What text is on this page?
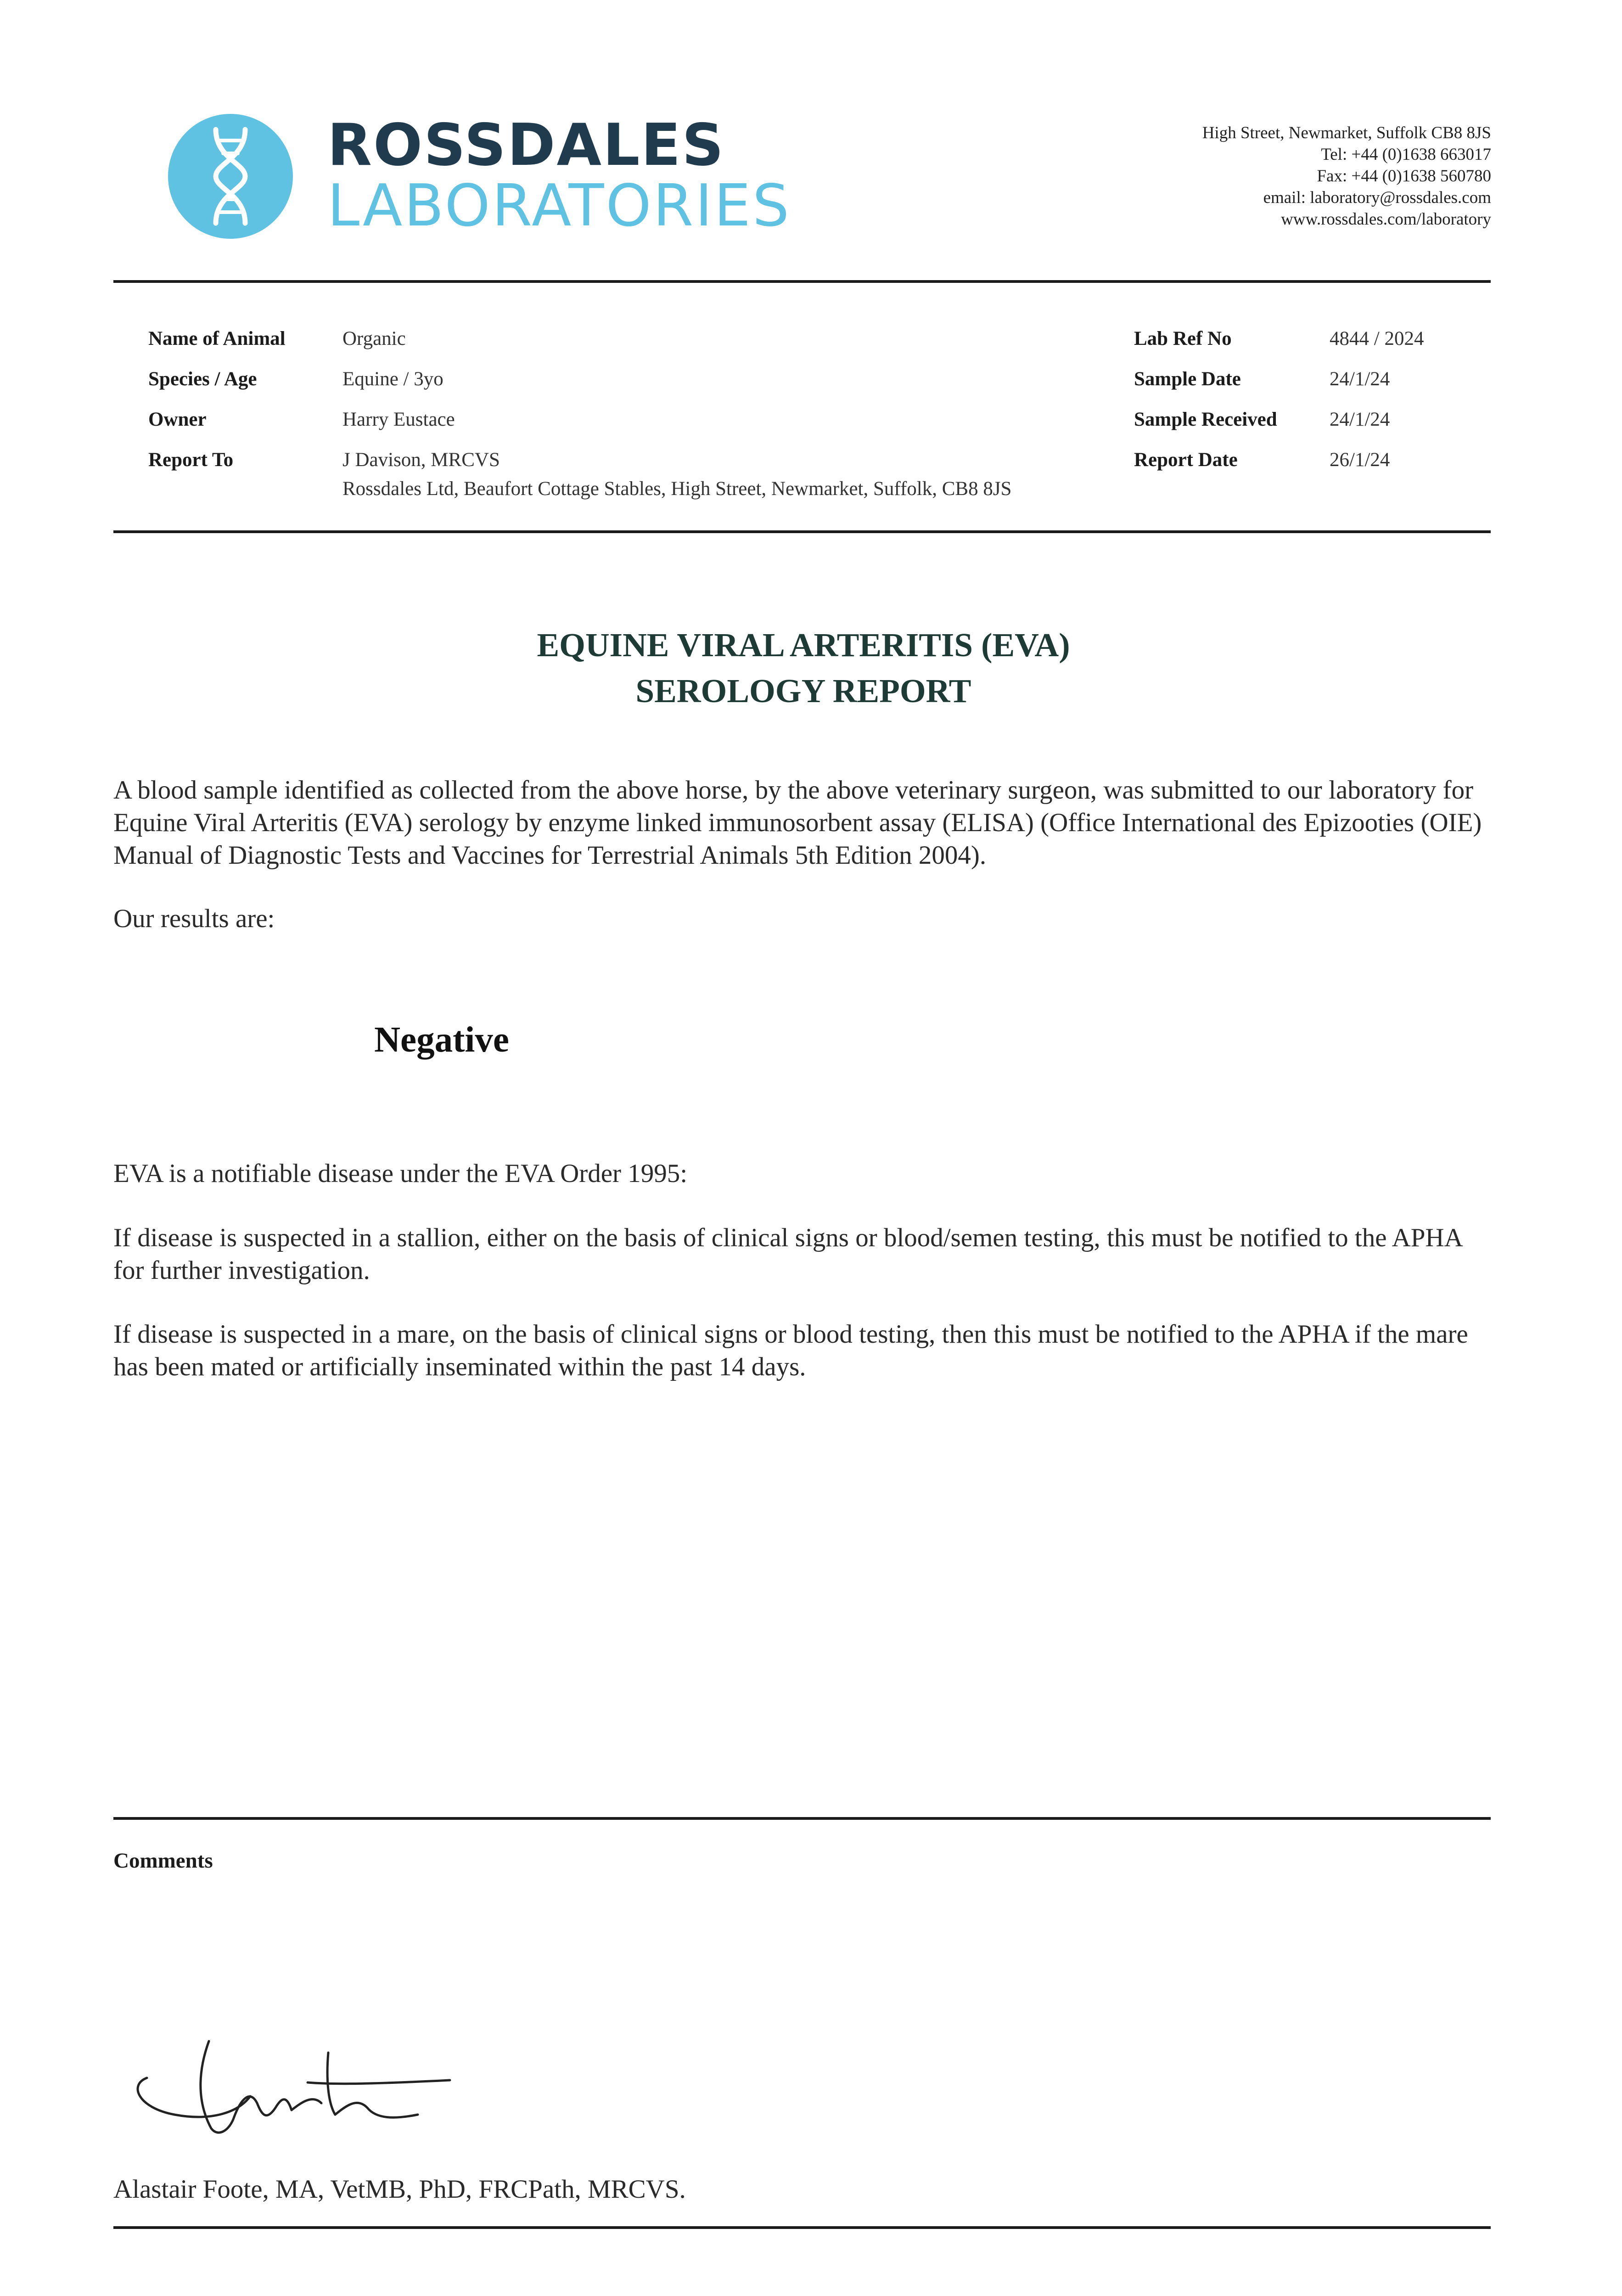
ROSSDALES
LABORATORIES
High Street, Newmarket, Suffolk CB8 8JS
Tel: +44 (0)1638 663017
Fax: +44 (0)1638 560780
email: laboratory@rossdales.com
www.rossdales.com/laboratory
Name of Animal
Species / Age
Owner
Report To
Organic
Equine / 3yo
Harry Eustace
J Davison, MRCVS
Rossdales Ltd, Beaufort Cottage Stables, High Street, Newmarket, Suffolk, CB8 8JS
Lab Ref No
Sample Date
Sample Received
Report Date
4844 / 2024
24/1/24
24/1/24
26/1/24
EQUINE VIRAL ARTERITIS (EVA)
SEROLOGY REPORT
A blood sample identified as collected from the above horse, by the above veterinary surgeon, was submitted to our laboratory for Equine Viral Arteritis (EVA) serology by enzyme linked immunosorbent assay (ELISA) (Office International des Epizooties (OIE) Manual of Diagnostic Tests and Vaccines for Terrestrial Animals 5th Edition 2004).
Our results are:
Negative
EVA is a notifiable disease under the EVA Order 1995:
If disease is suspected in a stallion, either on the basis of clinical signs or blood/semen testing, this must be notified to the APHA for further investigation.
If disease is suspected in a mare, on the basis of clinical signs or blood testing, then this must be notified to the APHA if the mare has been mated or artificially inseminated within the past 14 days.
Comments
Alastair Foote, MA, VetMB, PhD, FRCPath, MRCVS.
